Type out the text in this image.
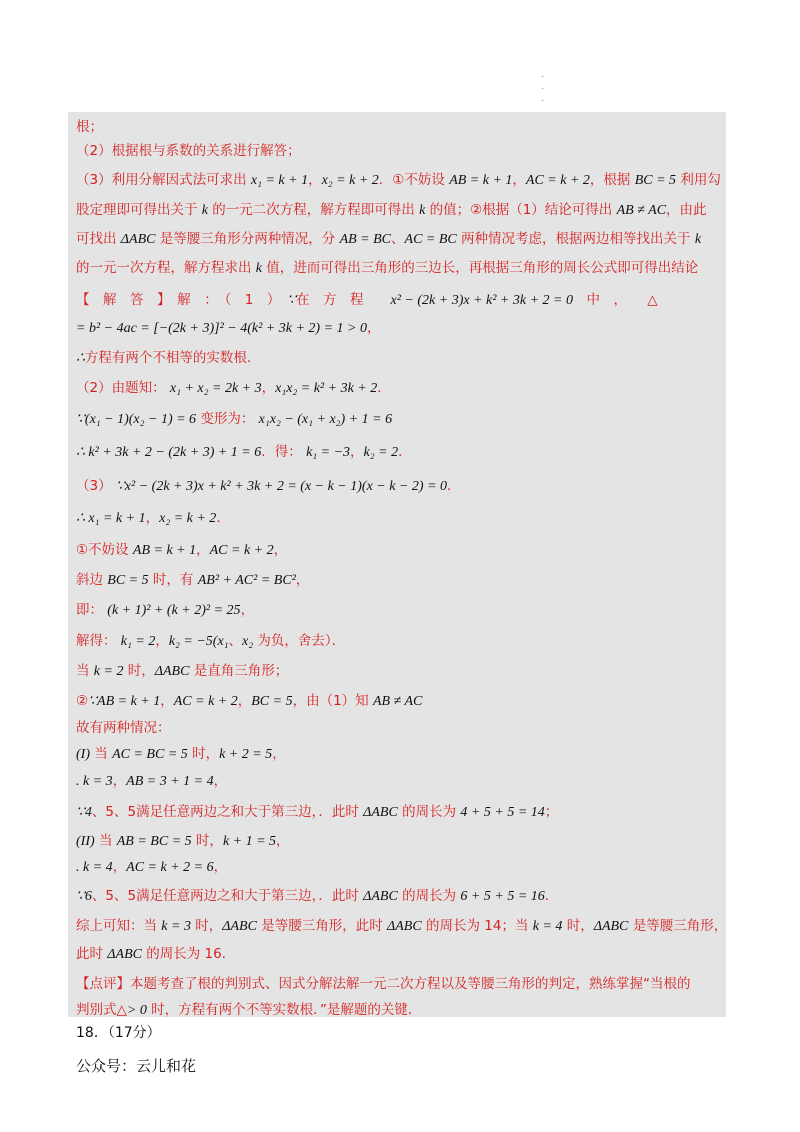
·
·
·
根；
（2）根据根与系数的关系进行解答；
（3）利用分解因式法可求出 x₁ = k + 1，x₂ = k + 2．①不妨设 AB = k + 1，AC = k + 2，根据 BC = 5 利用勾
股定理即可得出关于 k 的一元二次方程，解方程即可得出 k 的值；②根据（1）结论可得出 AB ≠ AC，由此
可找出 ΔABC 是等腰三角形分两种情况，分 AB = BC、AC = BC 两种情况考虑，根据两边相等找出关于 k
的一元一次方程，解方程求出 k 值，进而可得出三角形的三边长，再根据三角形的周长公式即可得出结论
【　解　答　】　解　：　（　1　）　∵在　方　程　　x² − (2k + 3)x + k² + 3k + 2 = 0　中　，　　△
= b² − 4ac = [−(2k + 3)]² − 4(k² + 3k + 2) = 1 > 0，
∴方程有两个不相等的实数根．
（2）由题知： x₁ + x₂ = 2k + 3，x₁x₂ = k² + 3k + 2．
∵(x₁ − 1)(x₂ − 1) = 6 变形为： x₁x₂ − (x₁ + x₂) + 1 = 6
∴ k² + 3k + 2 − (2k + 3) + 1 = 6．得： k₁ = −3，k₂ = 2．
（3） ∵x² − (2k + 3)x + k² + 3k + 2 = (x − k − 1)(x − k − 2) = 0．
∴ x₁ = k + 1，x₂ = k + 2．
①不妨设 AB = k + 1，AC = k + 2，
斜边 BC = 5 时，有 AB² + AC² = BC²，
即： (k + 1)² + (k + 2)² = 25，
解得： k₁ = 2，k₂ = −5(x₁、x₂ 为负，舍去）．
当 k = 2 时，ΔABC 是直角三角形；
②∵AB = k + 1，AC = k + 2，BC = 5，由（1）知 AB ≠ AC
故有两种情况：
(I) 当 AC = BC = 5 时，k + 2 = 5，
. k = 3，AB = 3 + 1 = 4，
∵4、5、5满足任意两边之和大于第三边，．此时 ΔABC 的周长为 4 + 5 + 5 = 14；
(II) 当 AB = BC = 5 时，k + 1 = 5，
. k = 4，AC = k + 2 = 6，
∵6、5、5满足任意两边之和大于第三边，．此时 ΔABC 的周长为 6 + 5 + 5 = 16．
综上可知：当 k = 3 时，ΔABC 是等腰三角形，此时 ΔABC 的周长为 14；当 k = 4 时，ΔABC 是等腰三角形，
此时 ΔABC 的周长为 16．
【点评】本题考查了根的判别式、因式分解法解一元二次方程以及等腰三角形的判定，熟练掌握“当根的
判别式△> 0 时，方程有两个不等实数根．”是解题的关键．
18．（17分）
公众号：云儿和花
